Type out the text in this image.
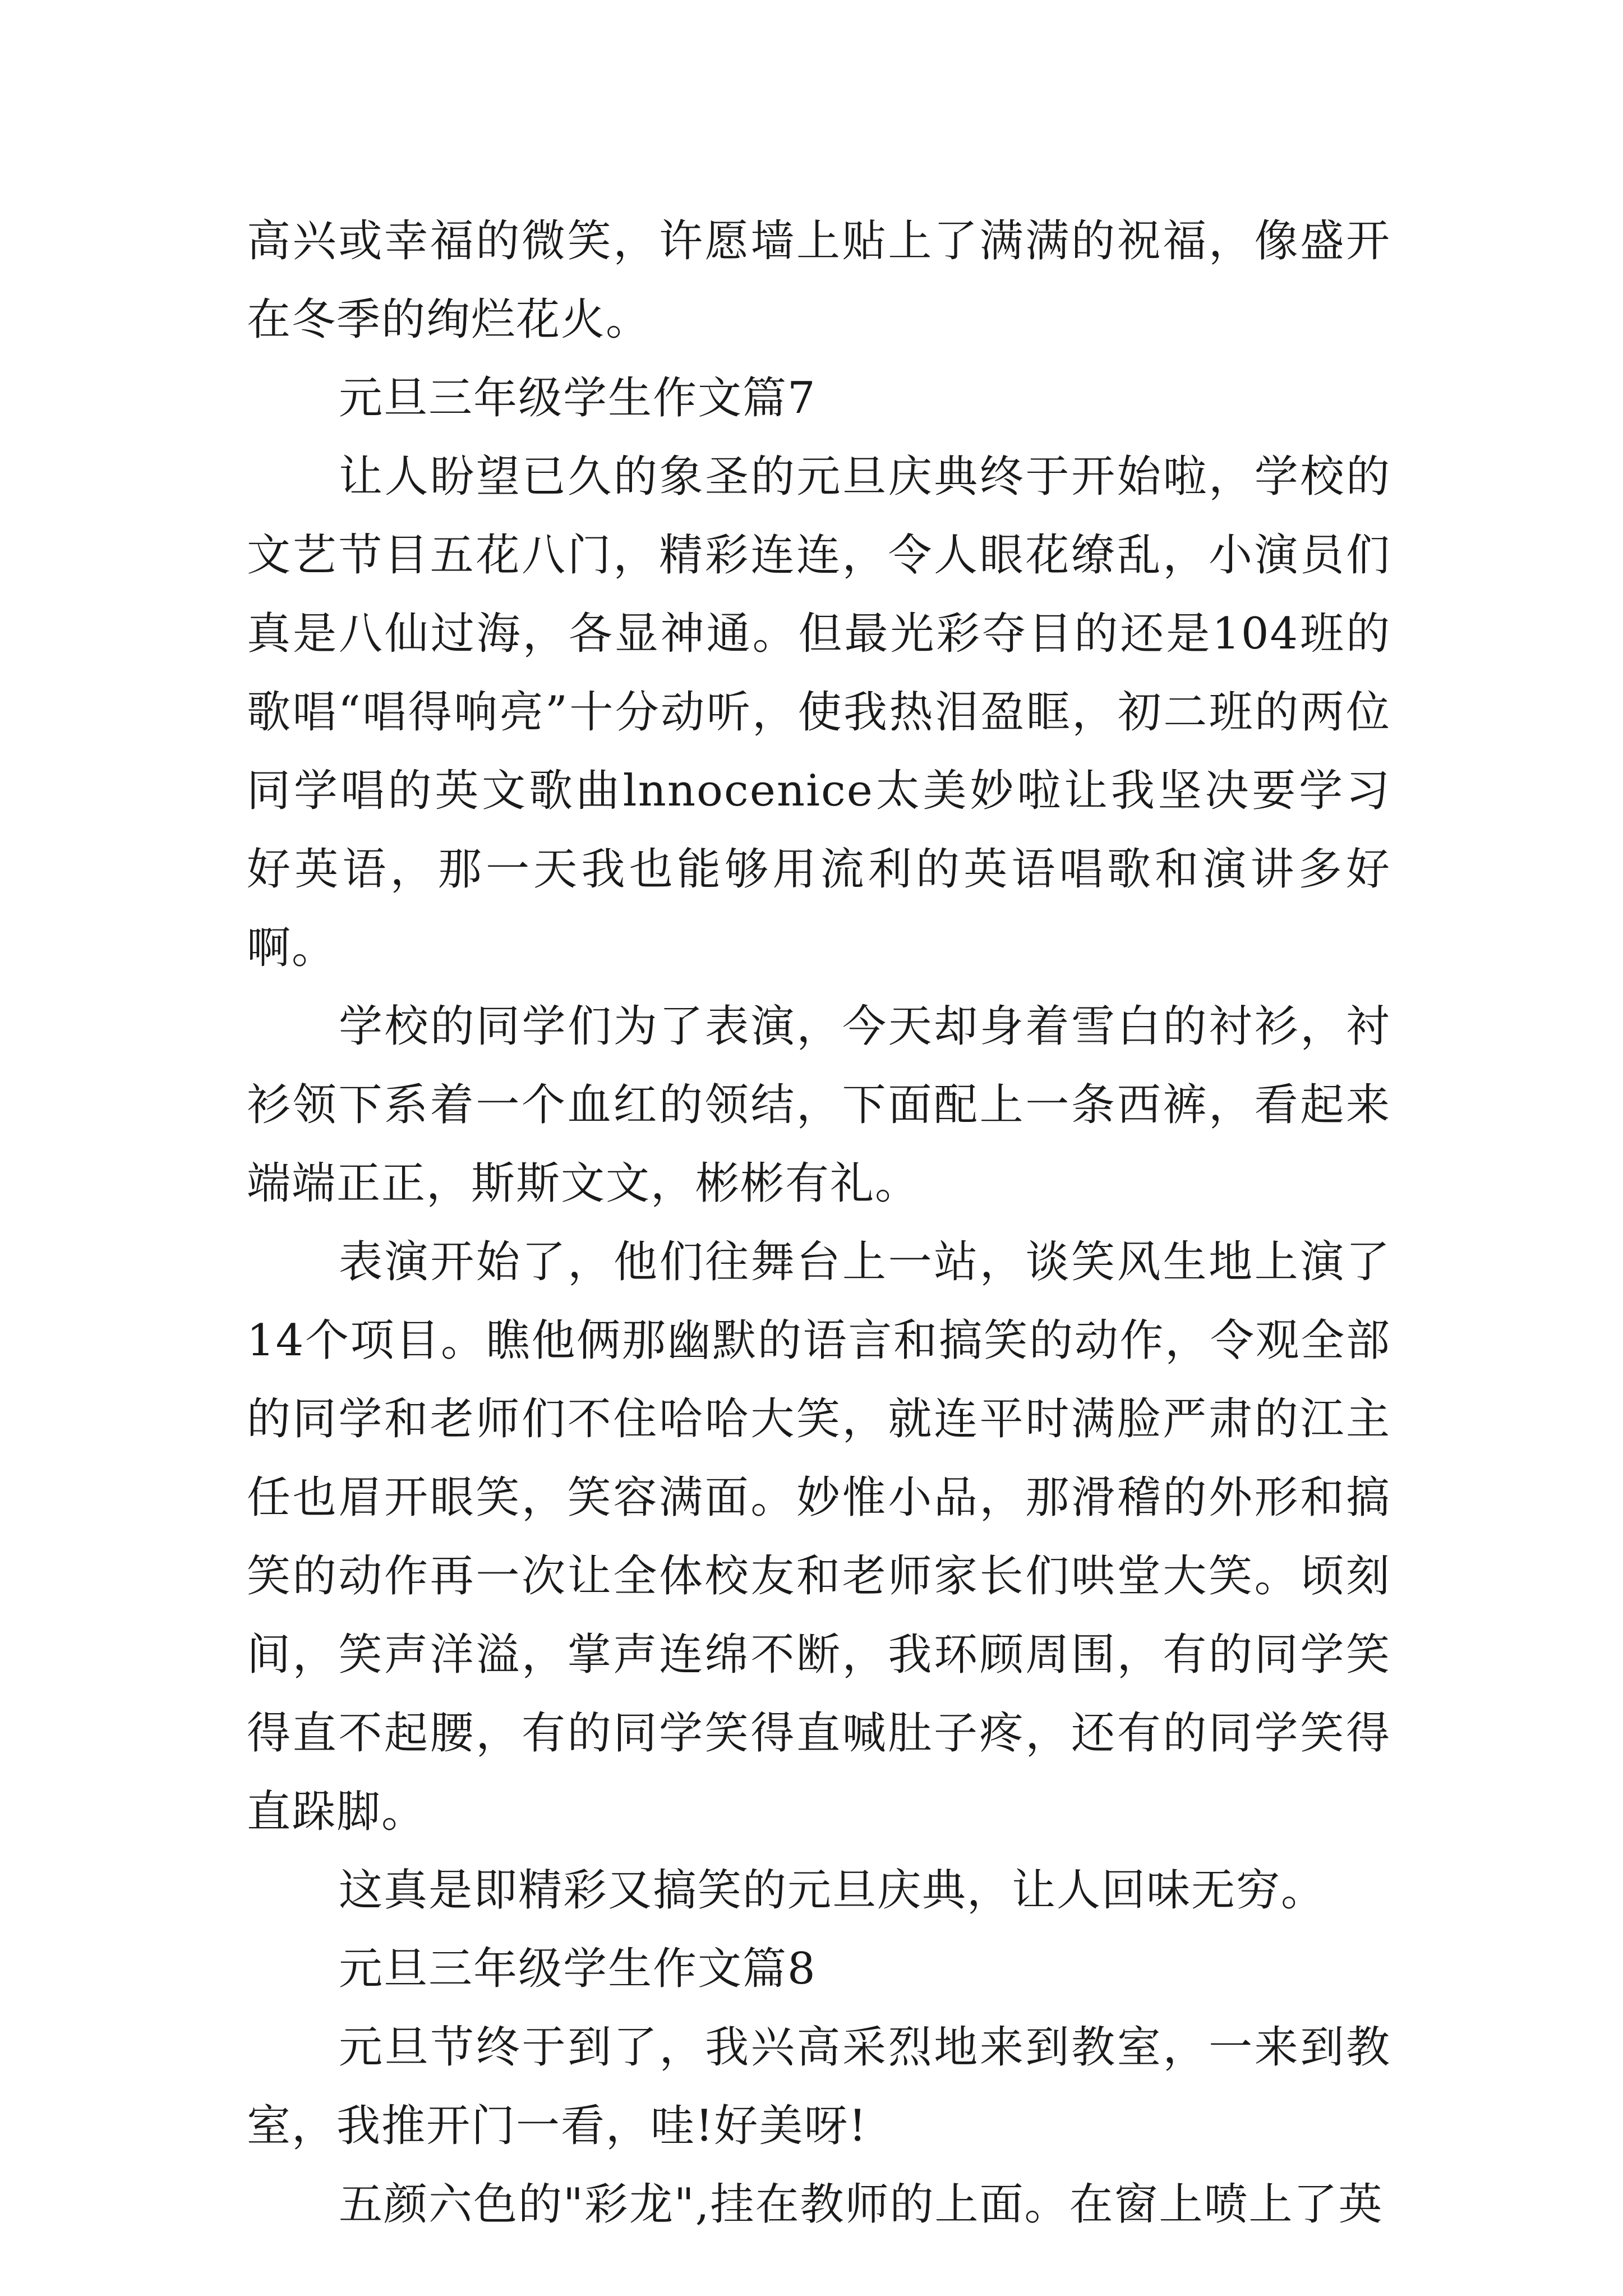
高兴或幸福的微笑，许愿墙上贴上了满满的祝福，像盛开在冬季的绚烂花火。

元旦三年级学生作文篇7

让人盼望已久的象圣的元旦庆典终于开始啦，学校的文艺节目五花八门，精彩连连，令人眼花缭乱，小演员们真是八仙过海，各显神通。但最光彩夺目的还是104班的歌唱“唱得响亮”十分动听，使我热泪盈眶，初二班的两位同学唱的英文歌曲lnnocenice太美妙啦让我坚决要学习好英语，那一天我也能够用流利的英语唱歌和演讲多好啊。

学校的同学们为了表演，今天却身着雪白的衬衫，衬衫领下系着一个血红的领结，下面配上一条西裤，看起来端端正正，斯斯文文，彬彬有礼。

表演开始了，他们往舞台上一站，谈笑风生地上演了14个项目。瞧他俩那幽默的语言和搞笑的动作，令观全部的同学和老师们不住哈哈大笑，就连平时满脸严肃的江主任也眉开眼笑，笑容满面。妙惟小品，那滑稽的外形和搞笑的动作再一次让全体校友和老师家长们哄堂大笑。顷刻间，笑声洋溢，掌声连绵不断，我环顾周围，有的同学笑得直不起腰，有的同学笑得直喊肚子疼，还有的同学笑得直跺脚。

这真是即精彩又搞笑的元旦庆典，让人回味无穷。

元旦三年级学生作文篇8

元旦节终于到了，我兴高采烈地来到教室，一来到教室，我推开门一看，哇!好美呀!

五颜六色的"彩龙",挂在教师的上面。在窗上喷上了英
